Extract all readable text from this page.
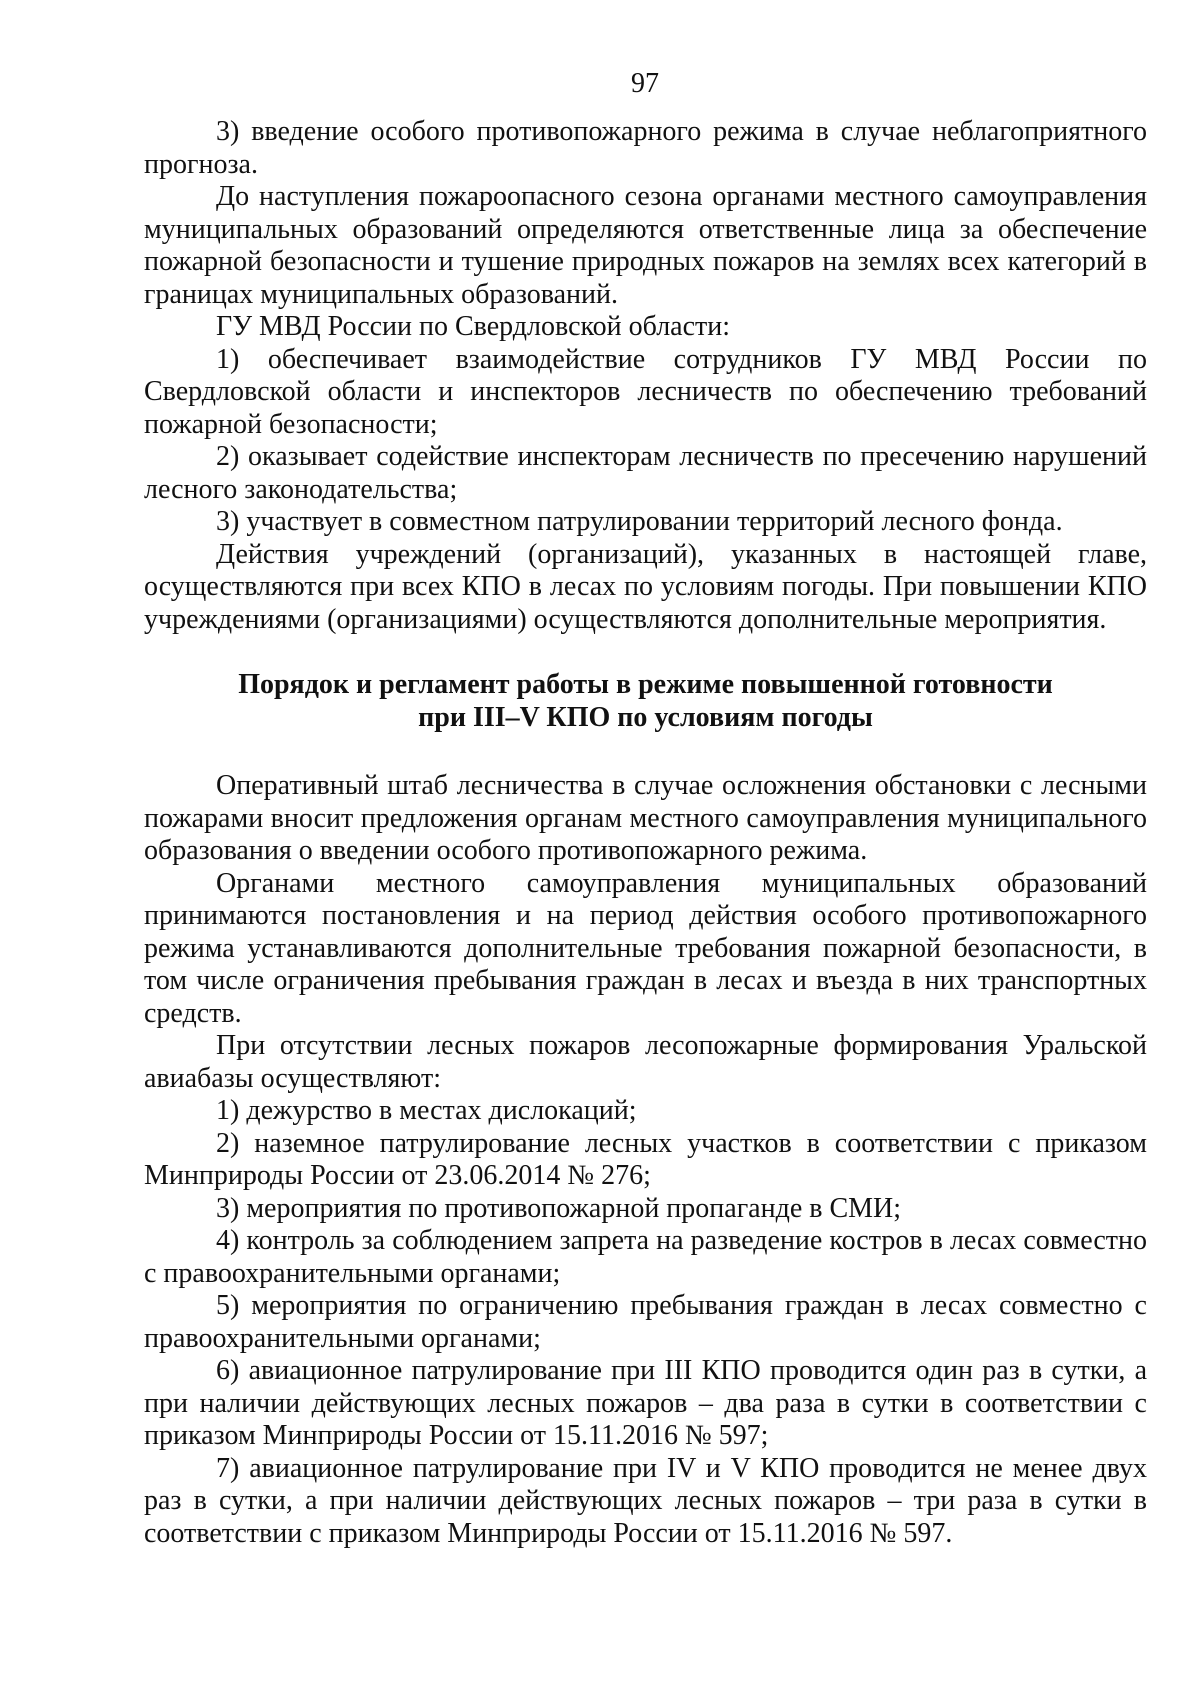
97

3) введение особого противопожарного режима в случае неблагоприятного прогноза.

До наступления пожароопасного сезона органами местного самоуправления муниципальных образований определяются ответственные лица за обеспечение пожарной безопасности и тушение природных пожаров на землях всех категорий в границах муниципальных образований.

ГУ МВД России по Свердловской области:

1) обеспечивает взаимодействие сотрудников ГУ МВД России по Свердловской области и инспекторов лесничеств по обеспечению требований пожарной безопасности;

2) оказывает содействие инспекторам лесничеств по пресечению нарушений лесного законодательства;

3) участвует в совместном патрулировании территорий лесного фонда.

Действия учреждений (организаций), указанных в настоящей главе, осуществляются при всех КПО в лесах по условиям погоды. При повышении КПО учреждениями (организациями) осуществляются дополнительные мероприятия.

Порядок и регламент работы в режиме повышенной готовности
при III–V КПО по условиям погоды

Оперативный штаб лесничества в случае осложнения обстановки с лесными пожарами вносит предложения органам местного самоуправления муниципального образования о введении особого противопожарного режима.

Органами местного самоуправления муниципальных образований принимаются постановления и на период действия особого противопожарного режима устанавливаются дополнительные требования пожарной безопасности, в том числе ограничения пребывания граждан в лесах и въезда в них транспортных средств.

При отсутствии лесных пожаров лесопожарные формирования Уральской авиабазы осуществляют:

1) дежурство в местах дислокаций;

2) наземное патрулирование лесных участков в соответствии с приказом Минприроды России от 23.06.2014 № 276;

3) мероприятия по противопожарной пропаганде в СМИ;

4) контроль за соблюдением запрета на разведение костров в лесах совместно с правоохранительными органами;

5) мероприятия по ограничению пребывания граждан в лесах совместно с правоохранительными органами;

6) авиационное патрулирование при III КПО проводится один раз в сутки, а при наличии действующих лесных пожаров – два раза в сутки в соответствии с приказом Минприроды России от 15.11.2016 № 597;

7) авиационное патрулирование при IV и V КПО проводится не менее двух раз в сутки, а при наличии действующих лесных пожаров – три раза в сутки в соответствии с приказом Минприроды России от 15.11.2016 № 597.
